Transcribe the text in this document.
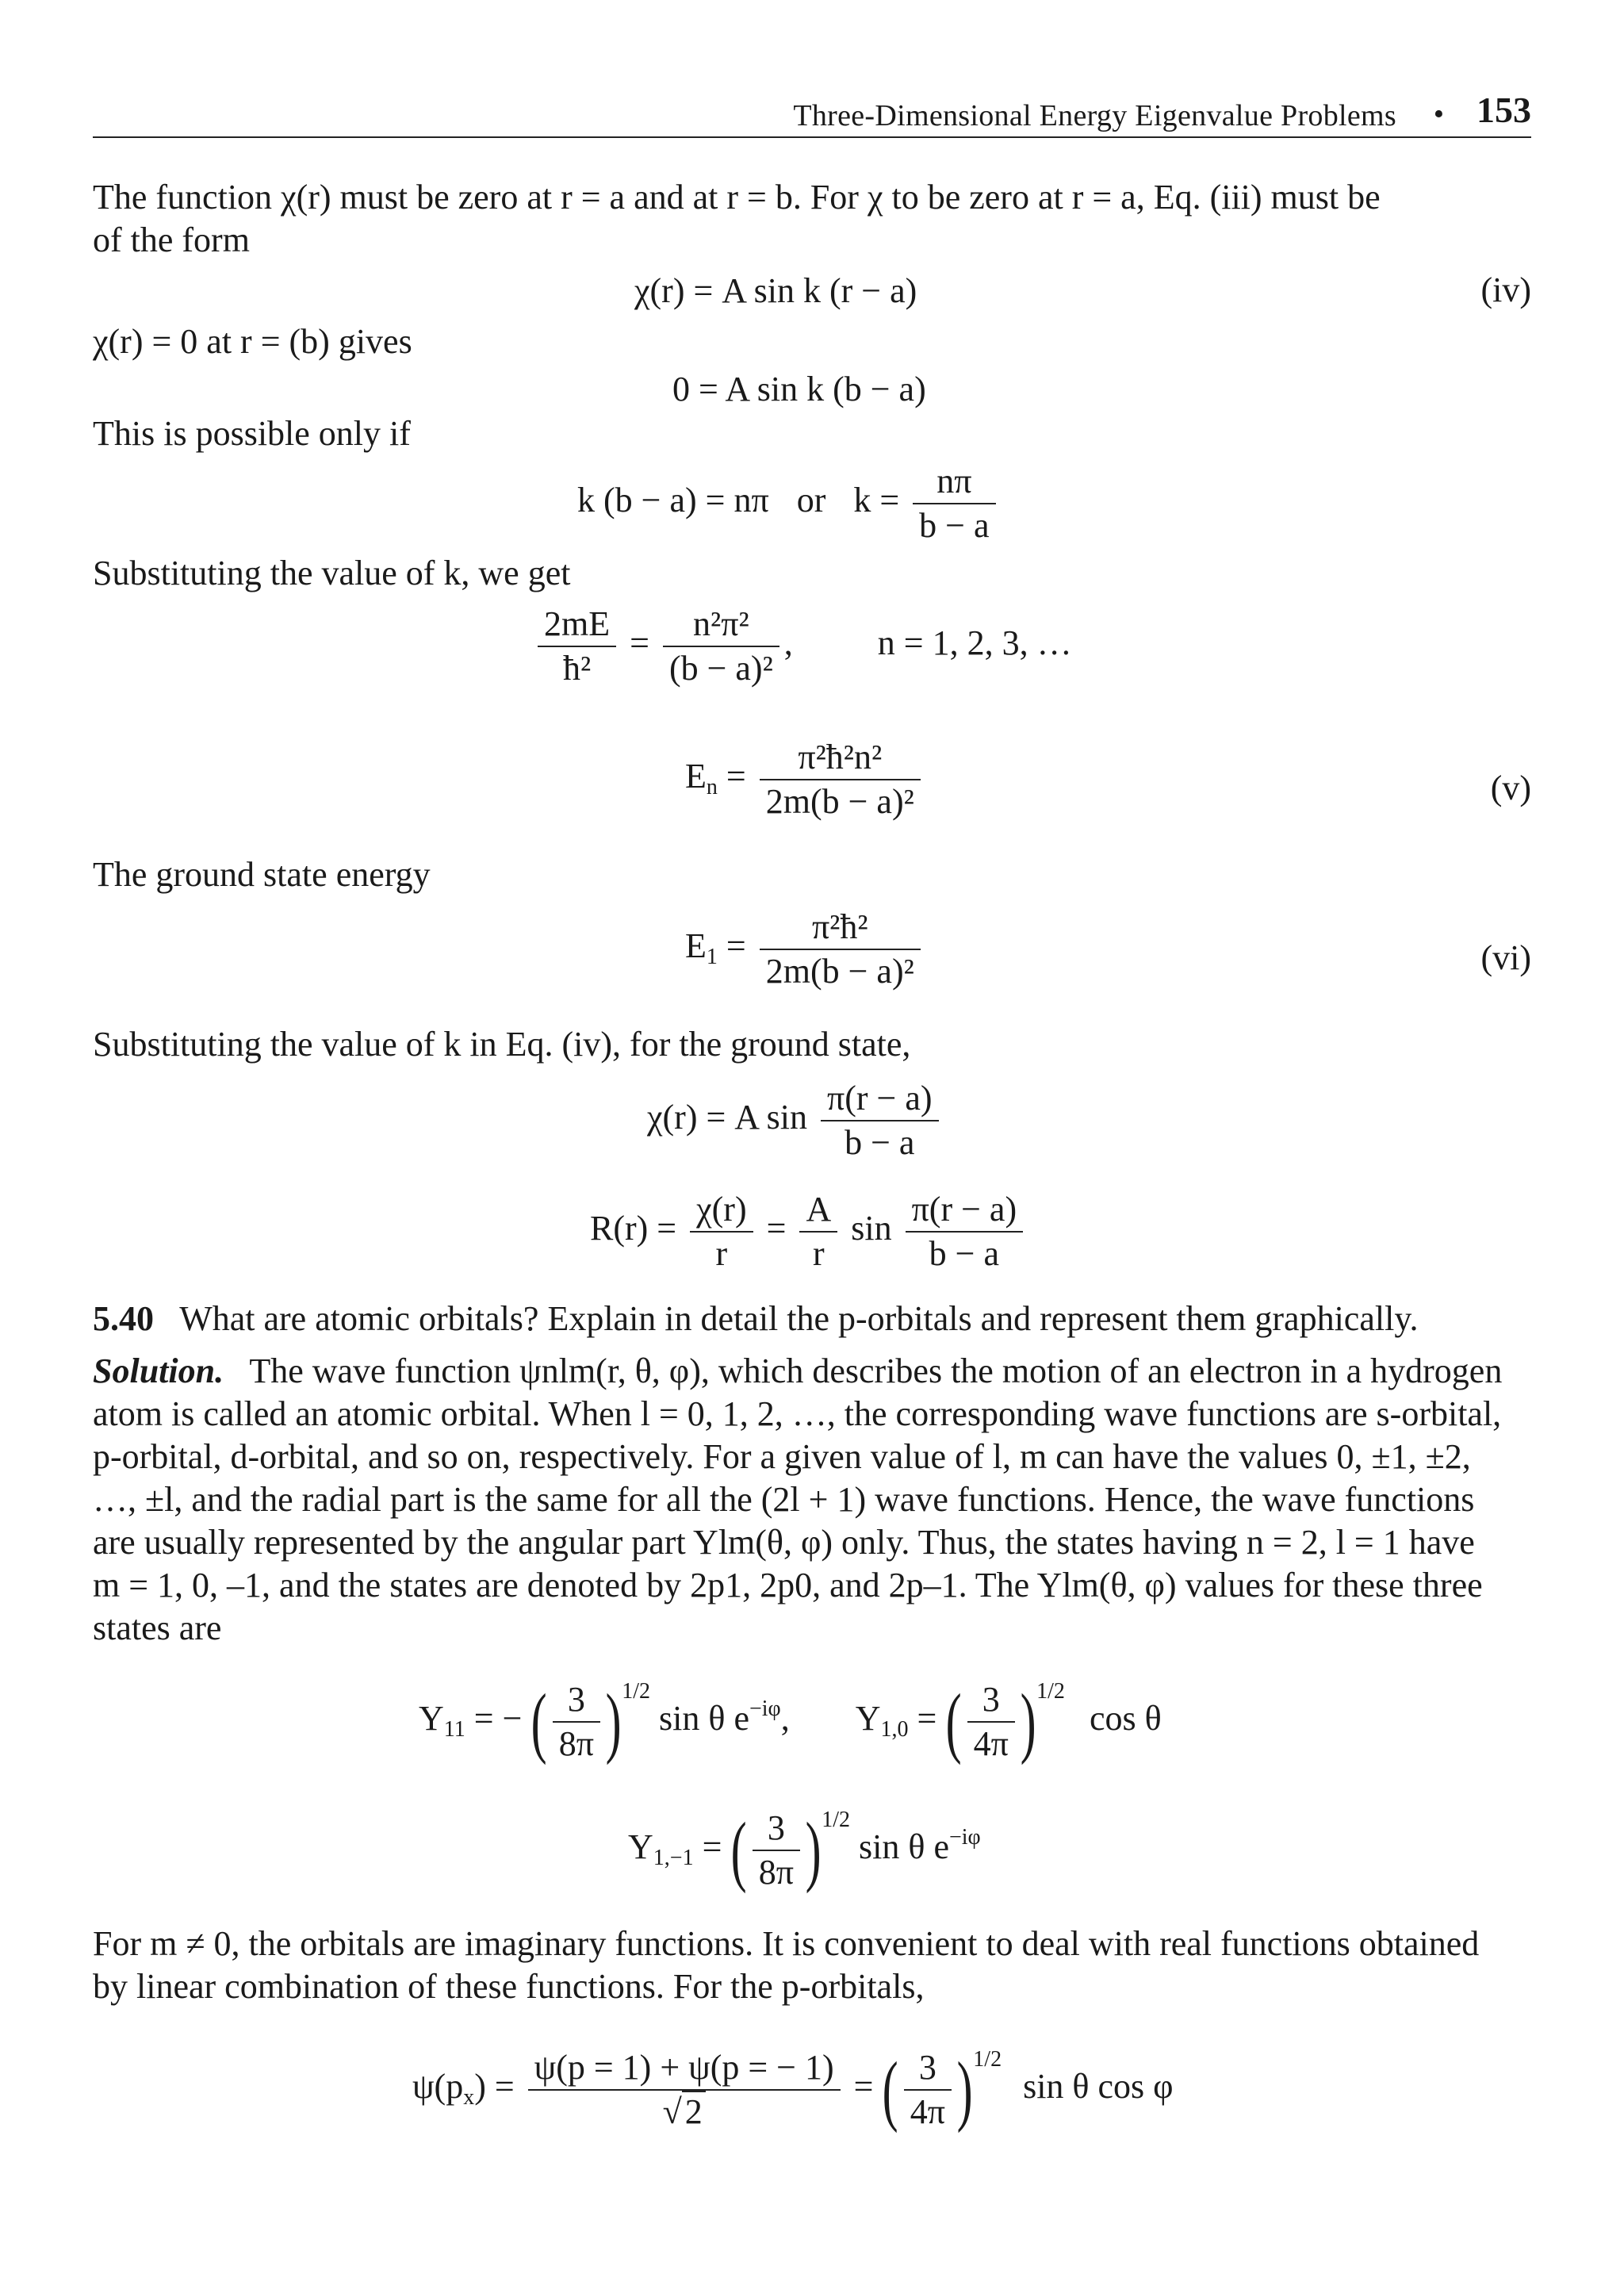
Three-Dimensional Energy Eigenvalue Problems • 153

The function χ(r) must be zero at r = a and at r = b. For χ to be zero at r = a, Eq. (iii) must be

of the form

χ(r) = A sin k (r − a)	(iv)

χ(r) = 0 at r = (b) gives

0 = A sin k (b − a)

This is possible only if

k (b − a) = nπ or $k = \frac{n\pi}{b - a}$

Substituting the value of k, we get

$\frac{2mE}{\text{ħ²}} = \frac{\text{n²π²}}{\text{(b − a)²}}$ , n = 1, 2, 3, …
$E_n = \frac{\text{π²ħ²n²}}{\text{2m(b − a)²}}$	(v)

The ground state energy

$E_1 = \frac{\text{π²ħ²}}{\text{2m(b − a)²}}$	(vi)

Substituting the value of k in Eq. (iv), for the ground state,

χ(r) = A $\sin \frac{\pi(r - a)}{b - a}$
$R(r) = \frac{\chi(r)}{r} = \frac{A}{r}$ $\sin \frac{\pi(r - a)}{b - a}$

5.40 What are atomic orbitals? Explain in detail the p-orbitals and represent them graphically.

Solution. The wave function ψnlm(r, θ, φ), which describes the motion of an electron in a hydrogen

atom is called an atomic orbital. When l = 0, 1, 2, …, the corresponding wave functions are s-orbital,

p-orbital, d-orbital, and so on, respectively. For a given value of l, m can have the values 0, ±1, ±2,

…, ±l, and the radial part is the same for all the (2l + 1) wave functions. Hence, the wave functions

are usually represented by the angular part Ylm(θ, φ) only. Thus, the states having n = 2, l = 1 have

m = 1, 0, –1, and the states are denoted by 2p1, 2p0, and 2p–1. The Ylm(θ, φ) values for these three

states are

$Y_{11}$ = − ( $\frac{3}{8\pi} )^{1/2}$ sin θ $e^{-i\varphi}$, $Y_{1,0}$ = ( $\frac{3}{4\pi} )^{1/2}$ cos θ
$Y_{1,-1}$ = ( $\frac{3}{8\pi} )^{1/2}$ sin θ $e^{-i\varphi}$

For m ≠ 0, the orbitals are imaginary functions. It is convenient to deal with real functions obtained

by linear combination of these functions. For the p-orbitals,

$\psi(p_x) = \frac{\psi(p = 1) + \psi(p = - 1)}{√2}$ = ( $\frac{3}{4\pi} )^{1/2}$ sin θ cos φ
